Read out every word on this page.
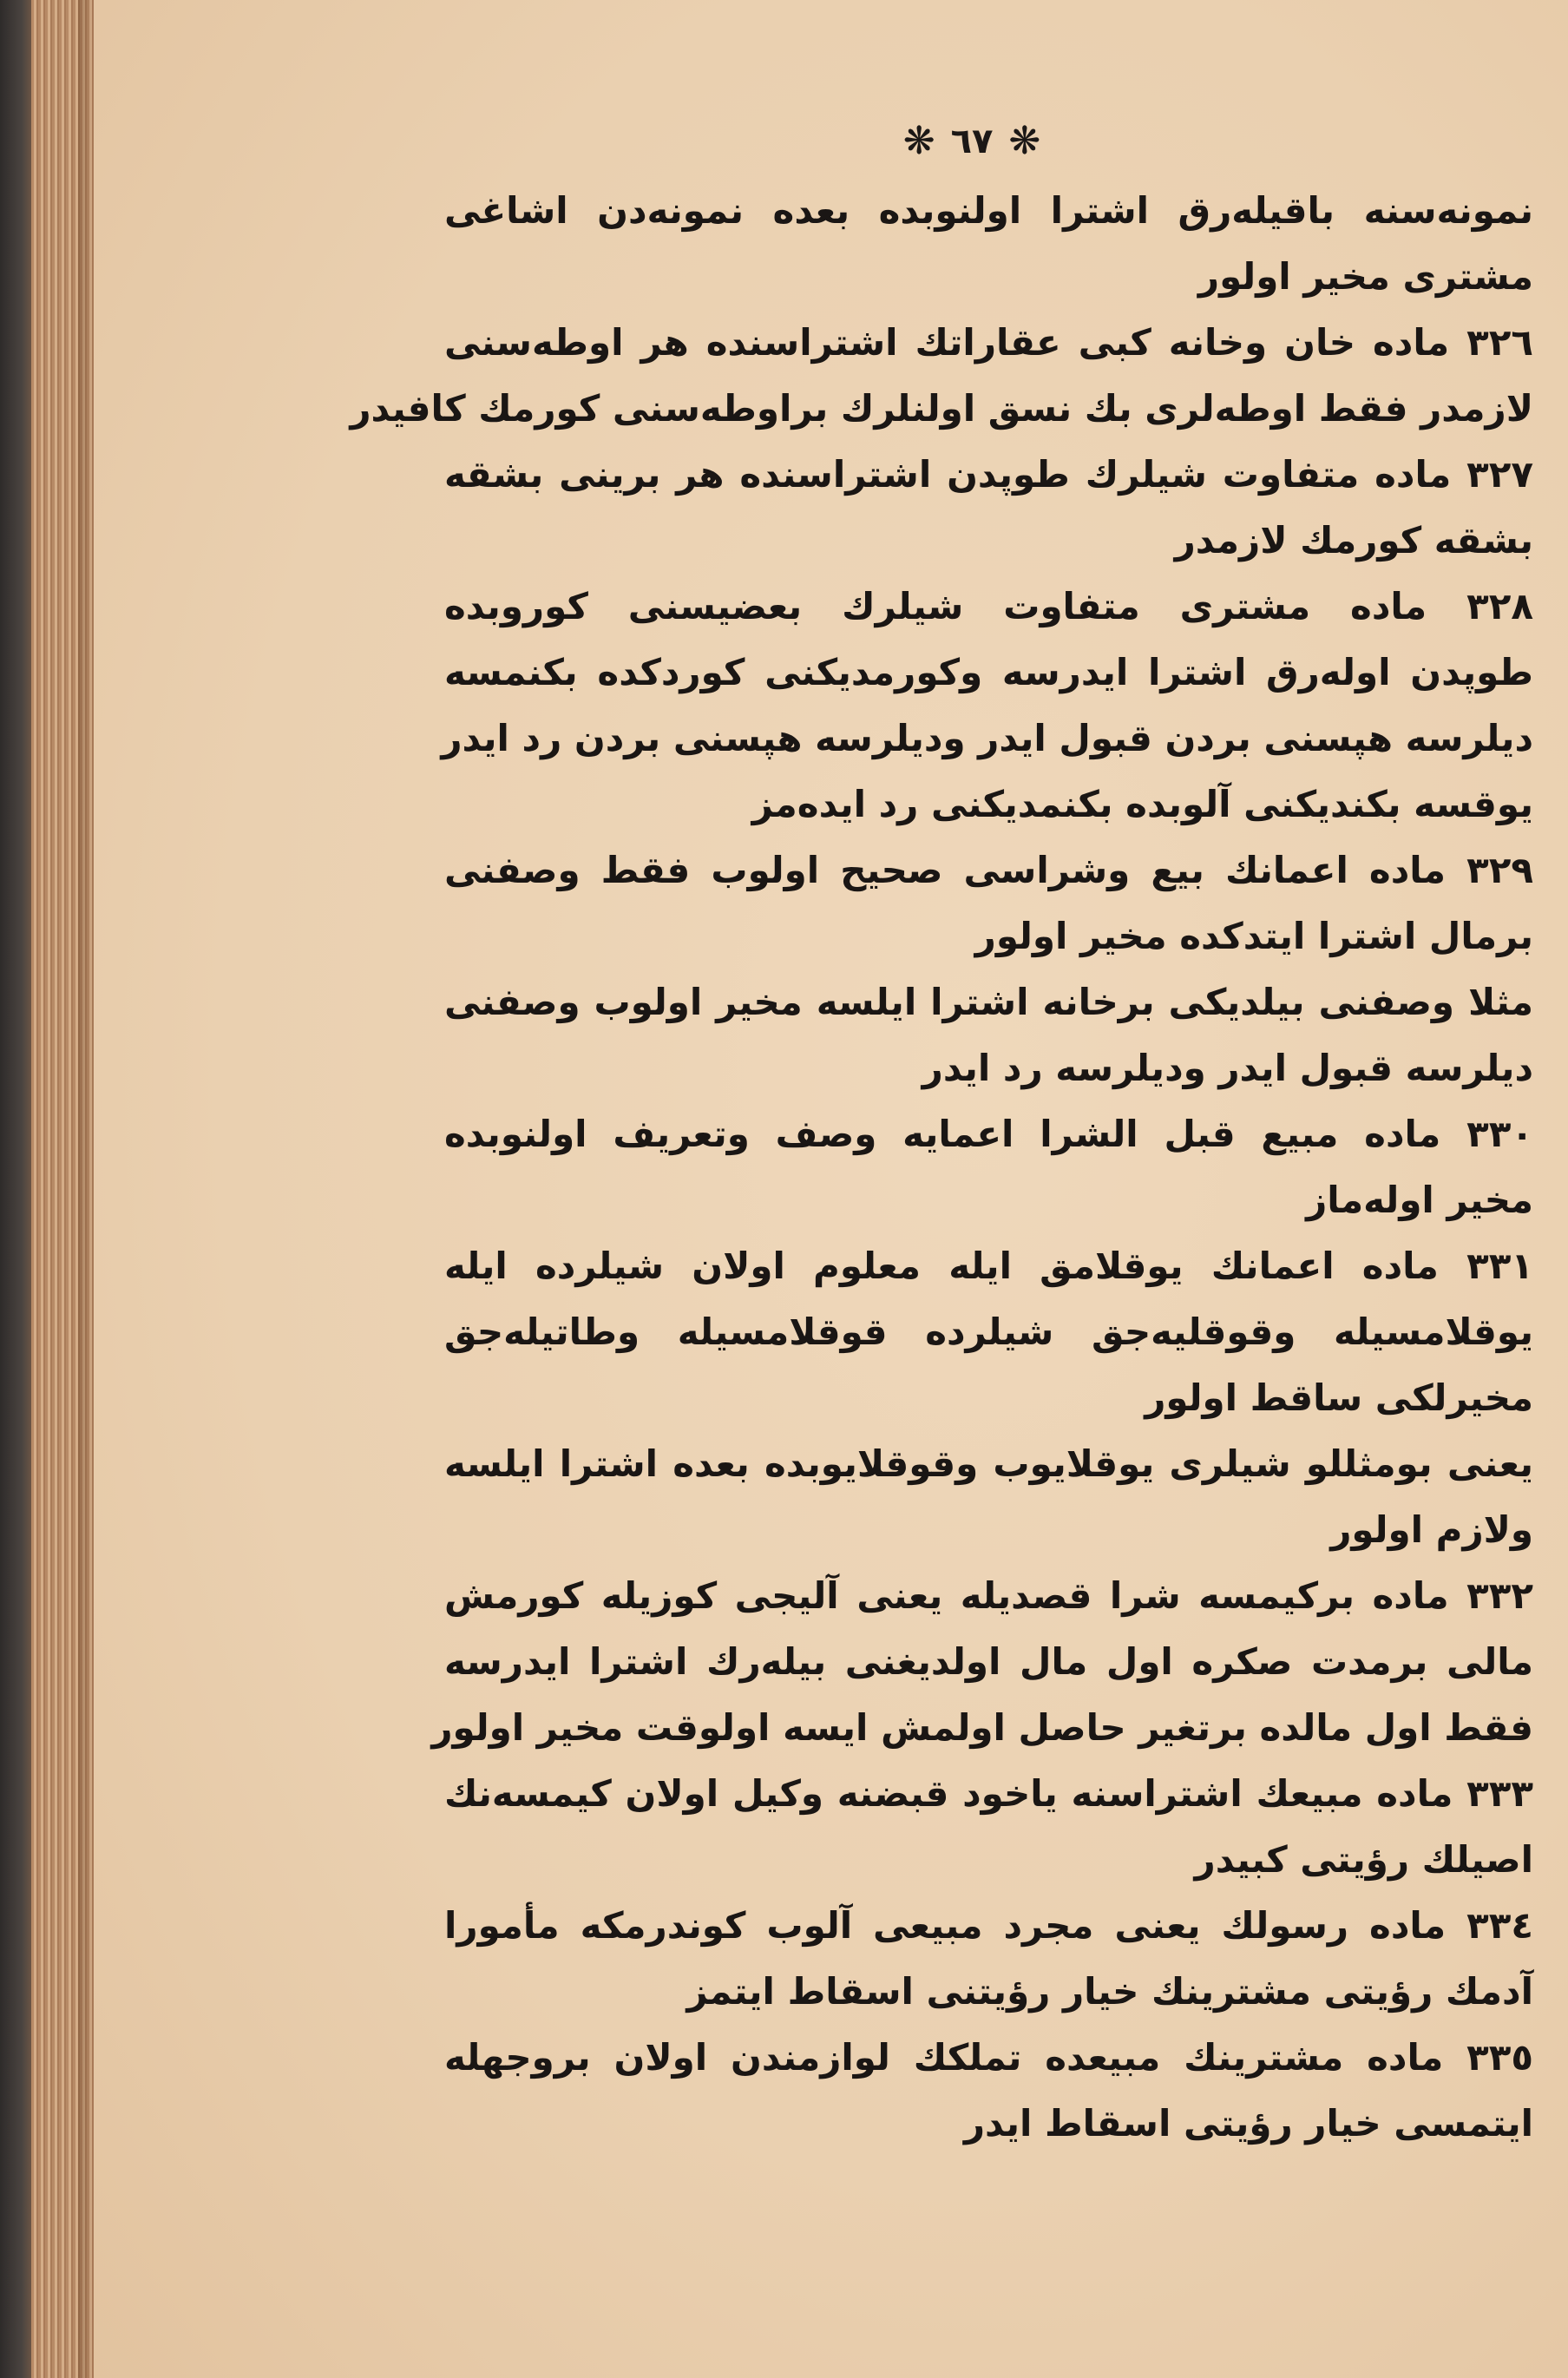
❋ ٦٧ ❋
نمونه‌سنه باقیله‌رق اشترا اولنوبده بعده نمونه‌دن اشاغی
مشتری مخیر اولور
٣٢٦ ماده خان وخانه کبی عقاراتك اشتراسنده هر اوطه‌سنی
لازمدر فقط اوطه‌لری بك نسق اولنلرك براوطه‌سنی کورمك کافیدر
٣٢٧ ماده متفاوت شیلرك طوپدن اشتراسنده هر برینی بشقه
بشقه کورمك لازمدر
٣٢٨ ماده مشتری متفاوت شیلرك بعضیسنی کوروبده
طوپدن اوله‌رق اشترا ایدرسه وکورمدیکنی کوردکده بکنمسه
دیلرسه هپسنی بردن قبول ایدر ودیلرسه هپسنی بردن رد ایدر
یوقسه بکندیکنی آلوبده بکنمدیکنی رد ایده‌مز
٣٢٩ ماده اعمانك بیع وشراسی صحیح اولوب فقط وصفنی
برمال اشترا ایتدکده مخیر اولور
مثلا وصفنی بیلدیکی برخانه اشترا ایلسه مخیر اولوب وصفنی
دیلرسه قبول ایدر ودیلرسه رد ایدر
٣٣٠ ماده مبیع قبل الشرا اعمایه وصف وتعریف اولنوبده
مخیر اوله‌ماز
٣٣١ ماده اعمانك یوقلامق ایله معلوم اولان شیلرده ایله
یوقلامسیله وقوقلیه‌جق شیلرده قوقلامسیله وطاتیله‌جق
مخیرلکی ساقط اولور
یعنی بومثللو شیلری یوقلایوب وقوقلایوبده بعده اشترا ایلسه
ولازم اولور
٣٣٢ ماده برکیمسه شرا قصدیله یعنی آلیجی کوزیله کورمش
مالی برمدت صکره اول مال اولدیغنی بیله‌رك اشترا ایدرسه
فقط اول مالده برتغیر حاصل اولمش ایسه اولوقت مخیر اولور
٣٣٣ ماده مبیعك اشتراسنه یاخود قبضنه وکیل اولان کیمسه‌نك
اصیلك رؤیتی کبیدر
٣٣٤ ماده رسولك یعنی مجرد مبیعی آلوب کوندرمکه مأمورا
آدمك رؤیتی مشترینك خیار رؤیتنی اسقاط ایتمز
٣٣٥ ماده مشترینك مبیعده تملکك لوازمندن اولان بروجهله
ایتمسی خیار رؤیتی اسقاط ایدر
